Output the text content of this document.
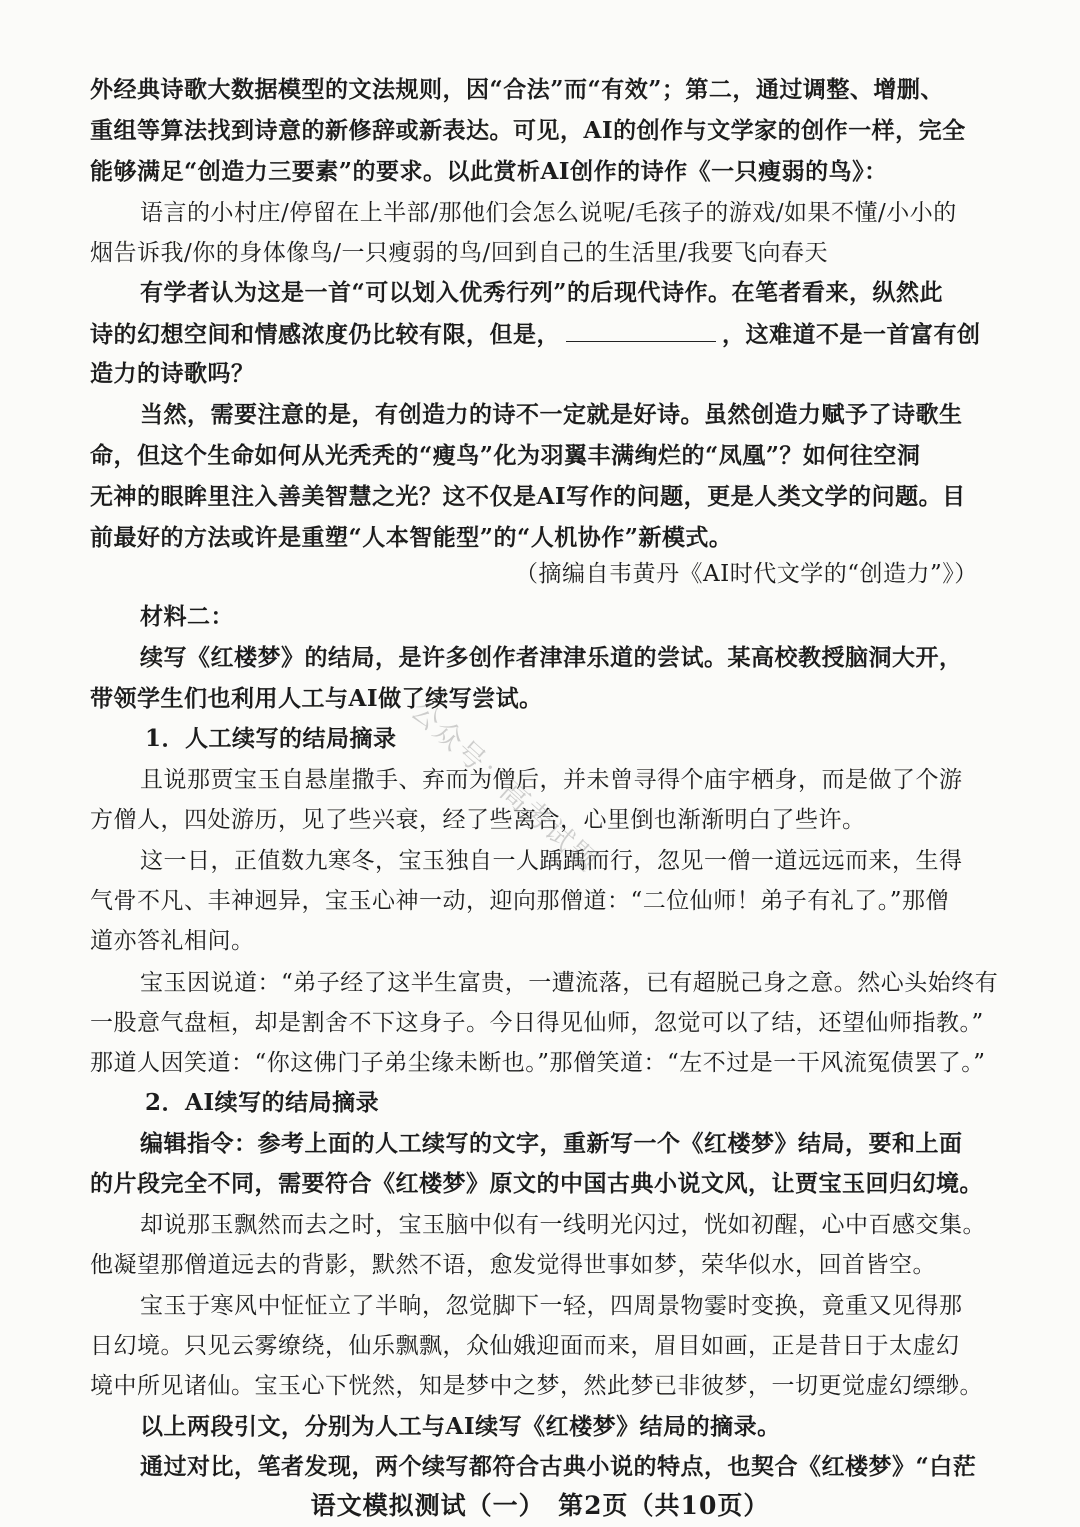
外经典诗歌大数据模型的文法规则，因“合法”而“有效”；第二，通过调整、增删、
重组等算法找到诗意的新修辞或新表达。可见，AI的创作与文学家的创作一样，完全
能够满足“创造力三要素”的要求。以此赏析AI创作的诗作《一只瘦弱的鸟》：
语言的小村庄/停留在上半部/那他们会怎么说呢/毛孩子的游戏/如果不懂/小小的
烟告诉我/你的身体像鸟/一只瘦弱的鸟/回到自己的生活里/我要飞向春天
有学者认为这是一首“可以划入优秀行列”的后现代诗作。在笔者看来，纵然此
诗的幻想空间和情感浓度仍比较有限，但是，	，这难道不是一首富有创
造力的诗歌吗？
当然，需要注意的是，有创造力的诗不一定就是好诗。虽然创造力赋予了诗歌生
命，但这个生命如何从光秃秃的“瘦鸟”化为羽翼丰满绚烂的“凤凰”？如何往空洞
无神的眼眸里注入善美智慧之光？这不仅是AI写作的问题，更是人类文学的问题。目
前最好的方法或许是重塑“人本智能型”的“人机协作”新模式。
（摘编自韦黄丹《AI时代文学的“创造力”》）
材料二：
续写《红楼梦》的结局，是许多创作者津津乐道的尝试。某高校教授脑洞大开，
带领学生们也利用人工与AI做了续写尝试。
1．人工续写的结局摘录
且说那贾宝玉自悬崖撒手、弃而为僧后，并未曾寻得个庙宇栖身，而是做了个游
方僧人，四处游历，见了些兴衰，经了些离合，心里倒也渐渐明白了些许。
这一日，正值数九寒冬，宝玉独自一人踽踽而行，忽见一僧一道远远而来，生得
气骨不凡、丰神迥异，宝玉心神一动，迎向那僧道：“二位仙师！弟子有礼了。”那僧
道亦答礼相问。
宝玉因说道：“弟子经了这半生富贵，一遭流落，已有超脱己身之意。然心头始终有
一股意气盘桓，却是割舍不下这身子。今日得见仙师，忽觉可以了结，还望仙师指教。”
那道人因笑道：“你这佛门子弟尘缘未断也。”那僧笑道：“左不过是一干风流冤债罢了。”
2．AI续写的结局摘录
编辑指令：参考上面的人工续写的文字，重新写一个《红楼梦》结局，要和上面
的片段完全不同，需要符合《红楼梦》原文的中国古典小说文风，让贾宝玉回归幻境。
却说那玉飘然而去之时，宝玉脑中似有一线明光闪过，恍如初醒，心中百感交集。
他凝望那僧道远去的背影，默然不语，愈发觉得世事如梦，荣华似水，回首皆空。
宝玉于寒风中怔怔立了半晌，忽觉脚下一轻，四周景物霎时变换，竟重又见得那
日幻境。只见云雾缭绕，仙乐飘飘，众仙娥迎面而来，眉目如画，正是昔日于太虚幻
境中所见诸仙。宝玉心下恍然，知是梦中之梦，然此梦已非彼梦，一切更觉虚幻缥缈。
以上两段引文，分别为人工与AI续写《红楼梦》结局的摘录。
通过对比，笔者发现，两个续写都符合古典小说的特点，也契合《红楼梦》“白茫
公众号：高考试题
语文模拟测试（一）　第2页（共10页）
